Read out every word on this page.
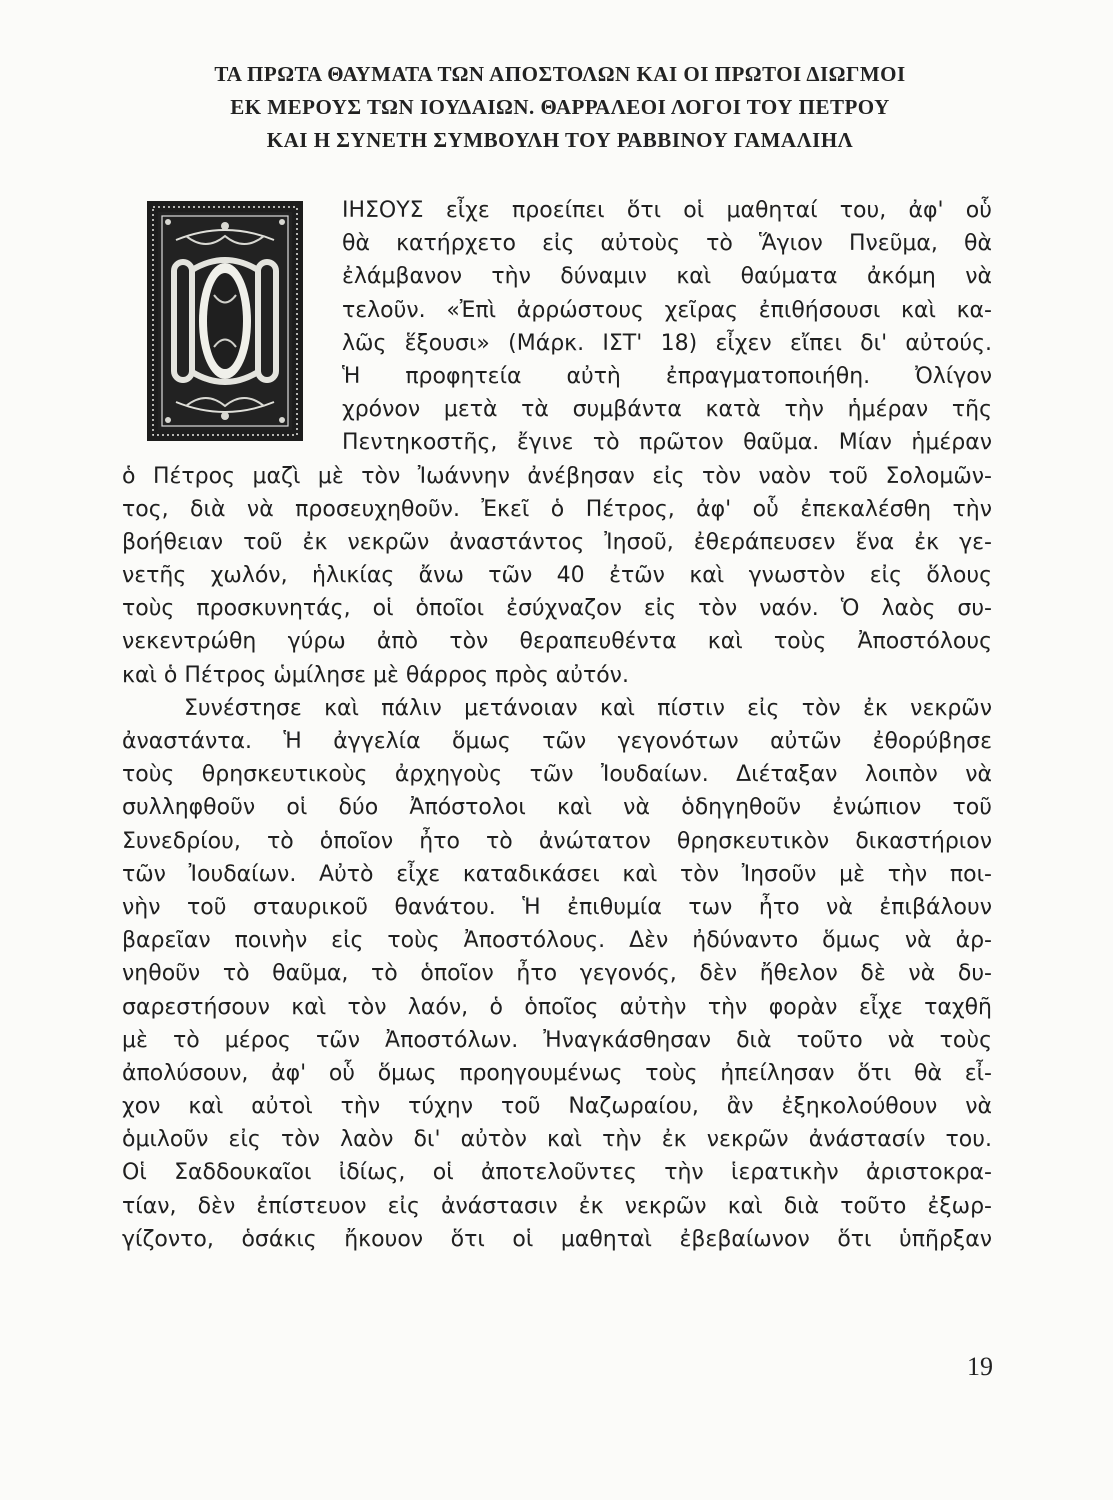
ΤΑ ΠΡΩΤΑ ΘΑΥΜΑΤΑ ΤΩΝ ΑΠΟΣΤΟΛΩΝ ΚΑΙ ΟΙ ΠΡΩΤΟΙ ΔΙΩΓΜΟΙ
ΕΚ ΜΕΡΟΥΣ ΤΩΝ ΙΟΥΔΑΙΩΝ. ΘΑΡΡΑΛΕΟΙ ΛΟΓΟΙ ΤΟΥ ΠΕΤΡΟΥ
ΚΑΙ Η ΣΥΝΕΤΗ ΣΥΜΒΟΥΛΗ ΤΟΥ ΡΑΒΒΙΝΟΥ ΓΑΜΑΛΙΗΛ
ΙΗΣΟΥΣ εἶχε προείπει ὅτι οἱ μαθηταί του, ἀφ' οὗ
θὰ κατήρχετο εἰς αὐτοὺς τὸ Ἅγιον Πνεῦμα, θὰ
ἐλάμβανον τὴν δύναμιν καὶ θαύματα ἀκόμη νὰ
τελοῦν. «Ἐπὶ ἀρρώστους χεῖρας ἐπιθήσουσι καὶ κα-
λῶς ἕξουσι» (Μάρκ. ΙΣΤ' 18) εἶχεν εἴπει δι' αὐτούς.
Ἡ προφητεία αὐτὴ ἐπραγματοποιήθη. Ὀλίγον
χρόνον μετὰ τὰ συμβάντα κατὰ τὴν ἡμέραν τῆς
Πεντηκοστῆς, ἔγινε τὸ πρῶτον θαῦμα. Μίαν ἡμέραν
ὁ Πέτρος μαζὶ μὲ τὸν Ἰωάννην ἀνέβησαν εἰς τὸν ναὸν τοῦ Σολομῶν-
τος, διὰ νὰ προσευχηθοῦν. Ἐκεῖ ὁ Πέτρος, ἀφ' οὗ ἐπεκαλέσθη τὴν
βοήθειαν τοῦ ἐκ νεκρῶν ἀναστάντος Ἰησοῦ, ἐθεράπευσεν ἕνα ἐκ γε-
νετῆς χωλόν, ἡλικίας ἄνω τῶν 40 ἐτῶν καὶ γνωστὸν εἰς ὅλους
τοὺς προσκυνητάς, οἱ ὁποῖοι ἐσύχναζον εἰς τὸν ναόν. Ὁ λαὸς συ-
νεκεντρώθη γύρω ἀπὸ τὸν θεραπευθέντα καὶ τοὺς Ἀποστόλους
καὶ ὁ Πέτρος ὡμίλησε μὲ θάρρος πρὸς αὐτόν.
Συνέστησε καὶ πάλιν μετάνοιαν καὶ πίστιν εἰς τὸν ἐκ νεκρῶν
ἀναστάντα. Ἡ ἀγγελία ὅμως τῶν γεγονότων αὐτῶν ἐθορύβησε
τοὺς θρησκευτικοὺς ἀρχηγοὺς τῶν Ἰουδαίων. Διέταξαν λοιπὸν νὰ
συλληφθοῦν οἱ δύο Ἀπόστολοι καὶ νὰ ὁδηγηθοῦν ἐνώπιον τοῦ
Συνεδρίου, τὸ ὁποῖον ἦτο τὸ ἀνώτατον θρησκευτικὸν δικαστήριον
τῶν Ἰουδαίων. Αὐτὸ εἶχε καταδικάσει καὶ τὸν Ἰησοῦν μὲ τὴν ποι-
νὴν τοῦ σταυρικοῦ θανάτου. Ἡ ἐπιθυμία των ἦτο νὰ ἐπιβάλουν
βαρεῖαν ποινὴν εἰς τοὺς Ἀποστόλους. Δὲν ἠδύναντο ὅμως νὰ ἀρ-
νηθοῦν τὸ θαῦμα, τὸ ὁποῖον ἦτο γεγονός, δὲν ἤθελον δὲ νὰ δυ-
σαρεστήσουν καὶ τὸν λαόν, ὁ ὁποῖος αὐτὴν τὴν φορὰν εἶχε ταχθῆ
μὲ τὸ μέρος τῶν Ἀποστόλων. Ἠναγκάσθησαν διὰ τοῦτο νὰ τοὺς
ἀπολύσουν, ἀφ' οὗ ὅμως προηγουμένως τοὺς ἠπείλησαν ὅτι θὰ εἶ-
χον καὶ αὐτοὶ τὴν τύχην τοῦ Ναζωραίου, ἂν ἐξηκολούθουν νὰ
ὁμιλοῦν εἰς τὸν λαὸν δι' αὐτὸν καὶ τὴν ἐκ νεκρῶν ἀνάστασίν του.
Οἱ Σαδδουκαῖοι ἰδίως, οἱ ἀποτελοῦντες τὴν ἱερατικὴν ἀριστοκρα-
τίαν, δὲν ἐπίστευον εἰς ἀνάστασιν ἐκ νεκρῶν καὶ διὰ τοῦτο ἐξωρ-
γίζοντο, ὁσάκις ἤκουον ὅτι οἱ μαθηταὶ ἐβεβαίωνον ὅτι ὑπῆρξαν
19
